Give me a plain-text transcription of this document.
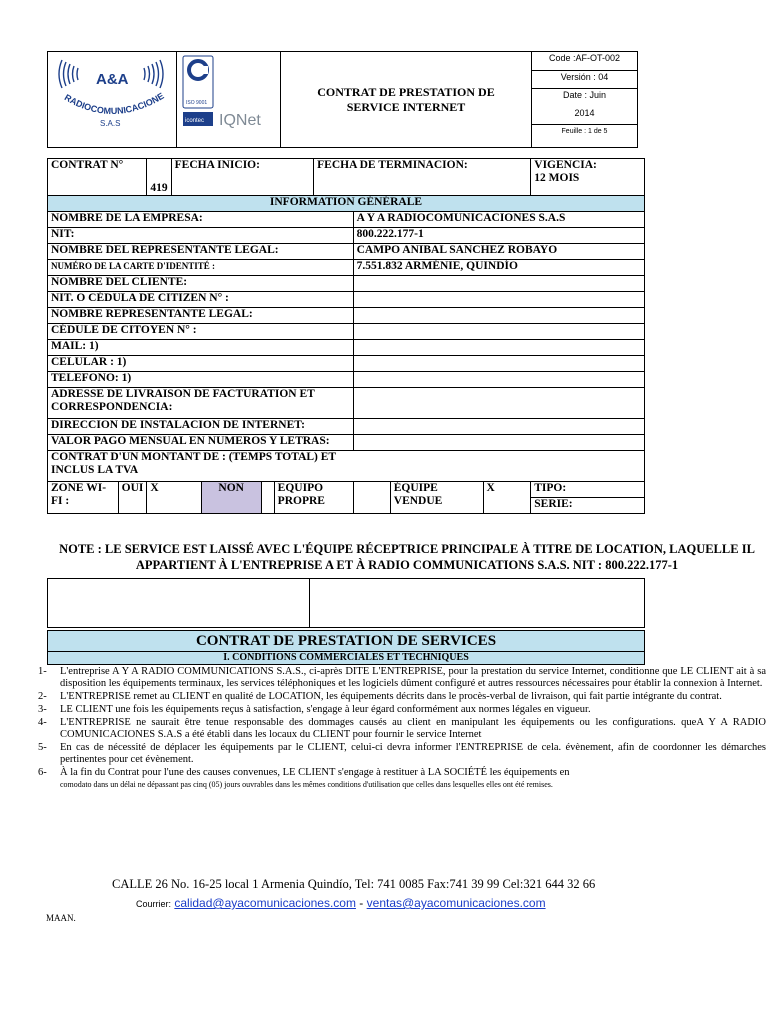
A&A
RADIOCOMUNICACIONE
S.A.S

ISO 9001
icontec IQNet

CONTRAT DE PRESTATION DE
SERVICE INTERNET
	Code :AF-OT-002
Versión : 04
Date : Juin
2014
Feuille : 1 de 5
CONTRAT N°		419	FECHA INICIO:				FECHA DE TERMINACION:				VIGENCIA:
12 MOIS

INFORMATION GÉNÉRALE											
NOMBRE DE LA EMPRESA:								A Y A RADIOCOMUNICACIONES S.A.S			
NIT:								800.222.177-1			
NOMBRE DEL REPRESENTANTE LEGAL:								CAMPO ANIBAL SANCHEZ ROBAYO			
NUMÉRO DE LA CARTE D'IDENTITÉ :								7.551.832 ARMÉNIE, QUINDÍO			
NOMBRE DEL CLIENTE:											
NIT. O CÉDULA DE CITIZEN N° :											
NOMBRE REPRESENTANTE LEGAL:											
CÉDULE DE CITOYEN N° :											
MAIL: 1)											
CELULAR : 1)											
TELEFONO: 1)											
ADRESSE DE LIVRAISON DE FACTURATION ET CORRESPONDENCIA:											
DIRECCION DE INSTALACION DE INTERNET:											
VALOR PAGO MENSUAL EN NUMEROS Y LETRAS:											
CONTRAT D'UN MONTANT DE : (TEMPS TOTAL) ET INCLUS LA TVA											
ZONE WI-FI :	OUI	X		NON		EQUIPO PROPRE			ÉQUIPE VENDUE	X	TIPO:
											SERIE:
NOTE : LE SERVICE EST LAISSÉ AVEC L'ÉQUIPE RÉCEPTRICE PRINCIPALE À TITRE DE LOCATION, LAQUELLE IL APPARTIENT À L'ENTREPRISE A ET À RADIO COMMUNICATIONS S.A.S. NIT : 800.222.177-1

CONTRAT DE PRESTATION DE SERVICES
I. CONDITIONS COMMERCIALES ET TECHNIQUES
1-	L'entreprise A Y A RADIO COMMUNICATIONS S.A.S., ci-après DITE L'ENTREPRISE, pour la prestation du service Internet, conditionne que LE CLIENT ait à sa disposition les équipements terminaux, les services téléphoniques et les logiciels dûment configuré et autres ressources nécessaires pour établir la connexion à Internet.
2-	L'ENTREPRISE remet au CLIENT en qualité de LOCATION, les équipements décrits dans le procès-verbal de livraison, qui fait partie intégrante du contrat.
3-	LE CLIENT une fois les équipements reçus à satisfaction, s'engage à leur égard conformément aux normes légales en vigueur.
4-	L'ENTREPRISE ne saurait être tenue responsable des dommages causés au client en manipulant les équipements ou les configurations. queA Y A RADIO COMUNICACIONES S.A.S a été établi dans les locaux du CLIENT pour fournir le service Internet
5-	En cas de nécessité de déplacer les équipements par le CLIENT, celui-ci devra informer l'ENTREPRISE de cela. évènement, afin de coordonner les démarches pertinentes pour cet évènement.
6-	À la fin du Contrat pour l'une des causes convenues, LE CLIENT s'engage à restituer à LA SOCIÉTÉ les équipements en
comodato dans un délai ne dépassant pas cinq (05) jours ouvrables dans les mêmes conditions d'utilisation que celles dans lesquelles elles ont été remises.
CALLE 26 No. 16-25 local 1 Armenia Quindío, Tel: 741 0085 Fax:741 39 99 Cel:321 644 32 66
Courrier: calidad@ayacomunicaciones.com - ventas@ayacomunicaciones.com
MAAN.
